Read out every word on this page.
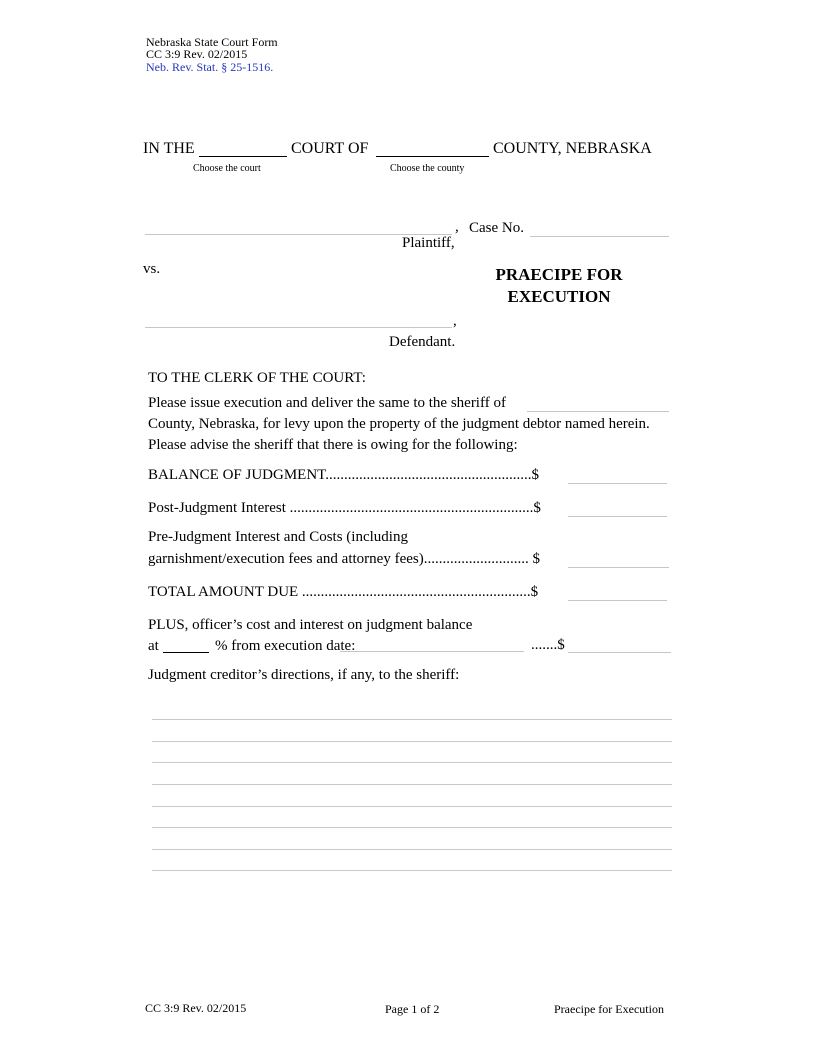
Nebraska State Court Form
CC 3:9 Rev. 02/2015
Neb. Rev. Stat. § 25-1516.
IN THE	COURT OF	COUNTY, NEBRASKA
Choose the court	Choose the county
, Case No.
Plaintiff,
vs.	PRAECIPE FOR
EXECUTION
,
Defendant.
TO THE CLERK OF THE COURT:
Please issue execution and deliver the same to the sheriff of
County, Nebraska, for levy upon the property of the judgment debtor named herein.
Please advise the sheriff that there is owing for the following:
BALANCE OF JUDGMENT.......................................................$
Post-Judgment Interest .................................................................$
Pre-Judgment Interest and Costs (including
garnishment/execution fees and attorney fees)............................ $
TOTAL AMOUNT DUE .............................................................$
PLUS, officer’s cost and interest on judgment balance
at	% from execution date:	.......$
Judgment creditor’s directions, if any, to the sheriff:
CC 3:9 Rev. 02/2015	Page 1 of 2	Praecipe for Execution
